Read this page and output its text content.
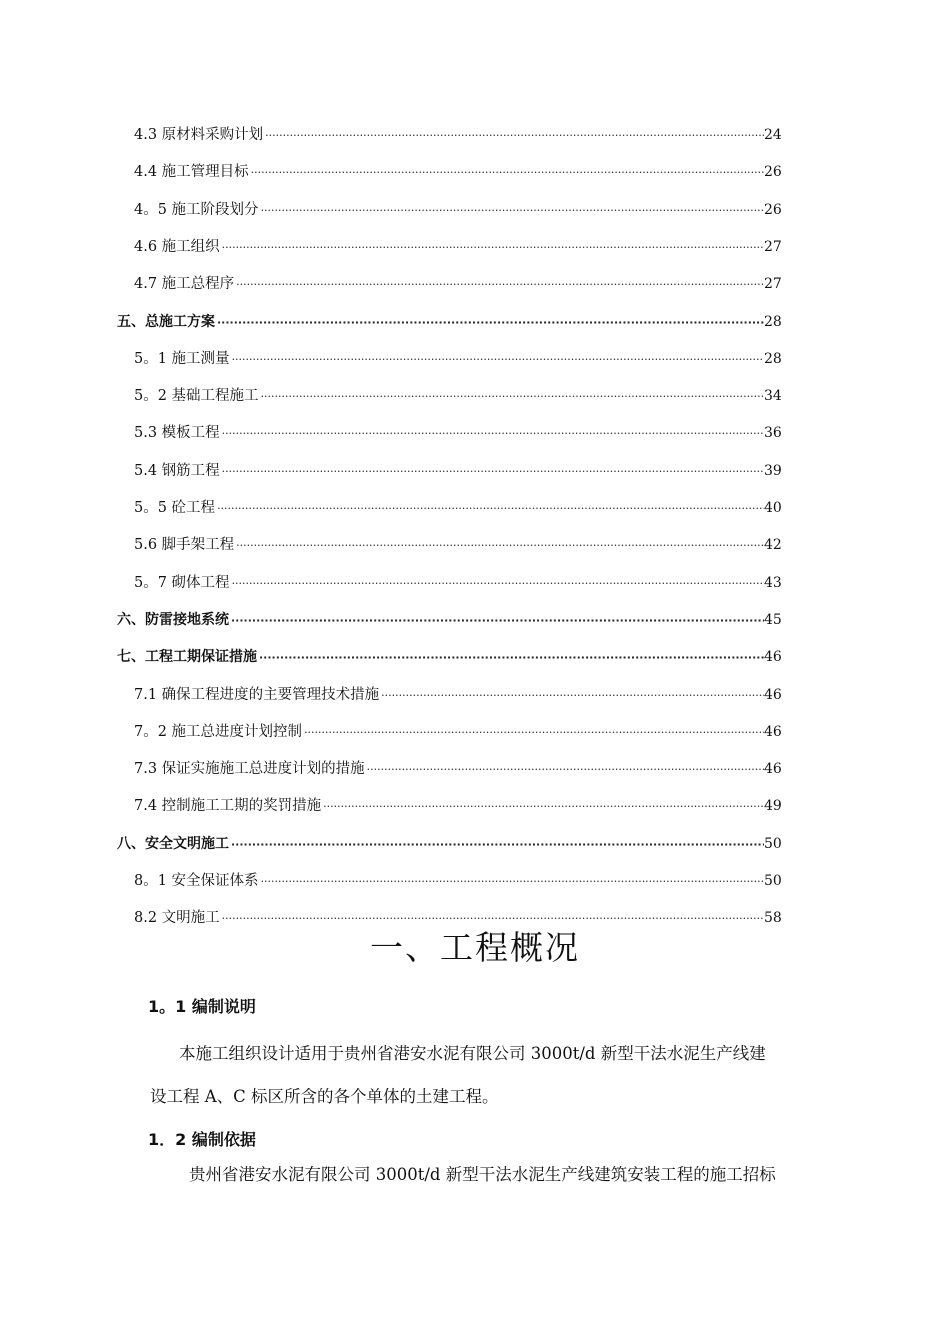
4.3 原材料采购计划 ·····	24
4.4 施工管理目标 ·····	26
4。5 施工阶段划分 ·····	26
4.6 施工组织 ·····	27
4.7 施工总程序 ·····	27
五、总施工方案 ·····	28
5。1 施工测量 ·····	28
5。2 基础工程施工 ·····	34
5.3 模板工程 ·····	36
5.4 钢筋工程 ·····	39
5。5 砼工程 ·····	40
5.6 脚手架工程 ·····	42
5。7 砌体工程 ·····	43
六、防雷接地系统 ·····	45
七、工程工期保证措施 ·····	46
7.1 确保工程进度的主要管理技术措施 ·····	46
7。2 施工总进度计划控制 ·····	46
7.3 保证实施施工总进度计划的措施 ·····	46
7.4 控制施工工期的奖罚措施 ·····	49
八、安全文明施工 ·····	50
8。1 安全保证体系 ·····	50
8.2 文明施工 ·····	58
一、工程概况
1。1 编制说明
本施工组织设计适用于贵州省港安水泥有限公司 3000t/d 新型干法水泥生产线建
设工程 A、C 标区所含的各个单体的土建工程。
1．2 编制依据
贵州省港安水泥有限公司 3000t/d 新型干法水泥生产线建筑安装工程的施工招标
